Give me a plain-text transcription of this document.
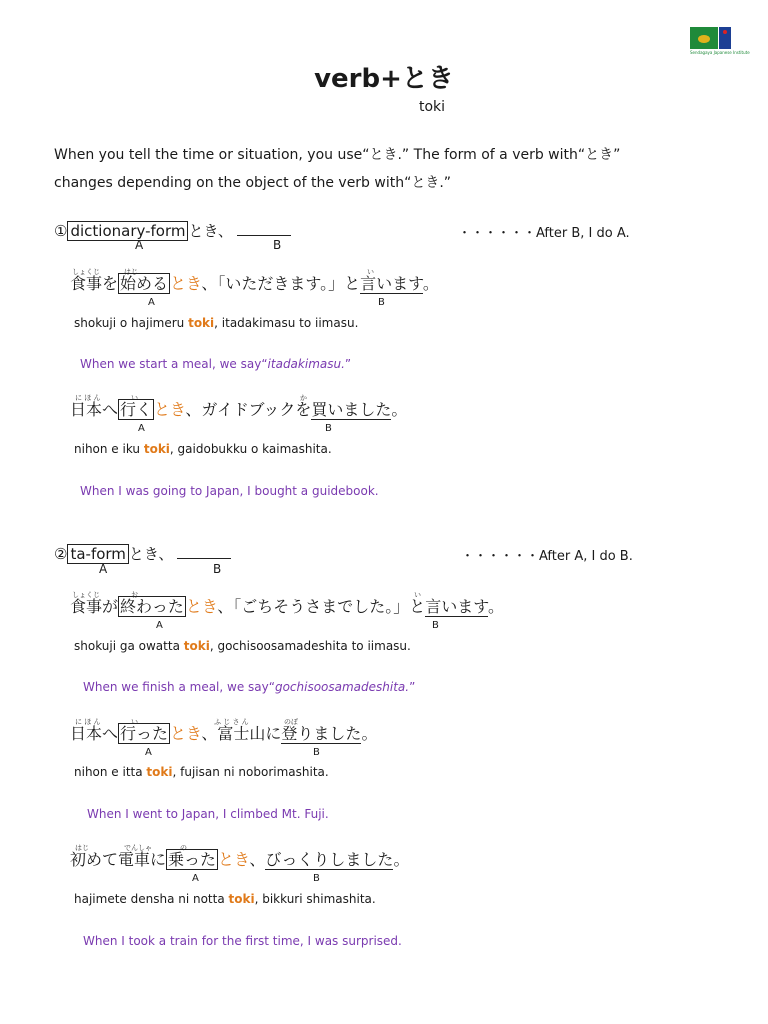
Sendagaya Japanese Institute
verb+とき
toki
When you tell the time or situation, you use“とき.” The form of a verb with“とき”
changes depending on the object of the verb with“とき.”
① dictionary-form とき、
A	B
・・・・・・After B, I do A.
しょくじ	はじ	い
食事を 始める とき、「いただきます。」と言います。
A	B
shokuji o hajimeru toki, itadakimasu to iimasu.
When we start a meal, we say“itadakimasu.”
に ほ ん	い	か
日本へ 行く とき、ガイドブックを買いました。
A	B
nihon e iku toki, gaidobukku o kaimashita.
When I was going to Japan, I bought a guidebook.
② ta-form とき、
A	B
・・・・・・After A, I do B.
しょくじ	お	い
食事が 終わった とき、「ごちそうさまでした。」と言います。
A	B
shokuji ga owatta toki, gochisoosamadeshita to iimasu.
When we finish a meal, we say“gochisoosamadeshita.”
に ほ ん	い	ふ じ さ ん	のぼ
日本へ 行った とき、富士山に登りました。
A	B
nihon e itta toki, fujisan ni noborimashita.
When I went to Japan, I climbed Mt. Fuji.
はじ	でんしゃ	の
初めて電車に 乗った とき、びっくりしました。
A	B
hajimete densha ni notta toki, bikkuri shimashita.
When I took a train for the first time, I was surprised.
